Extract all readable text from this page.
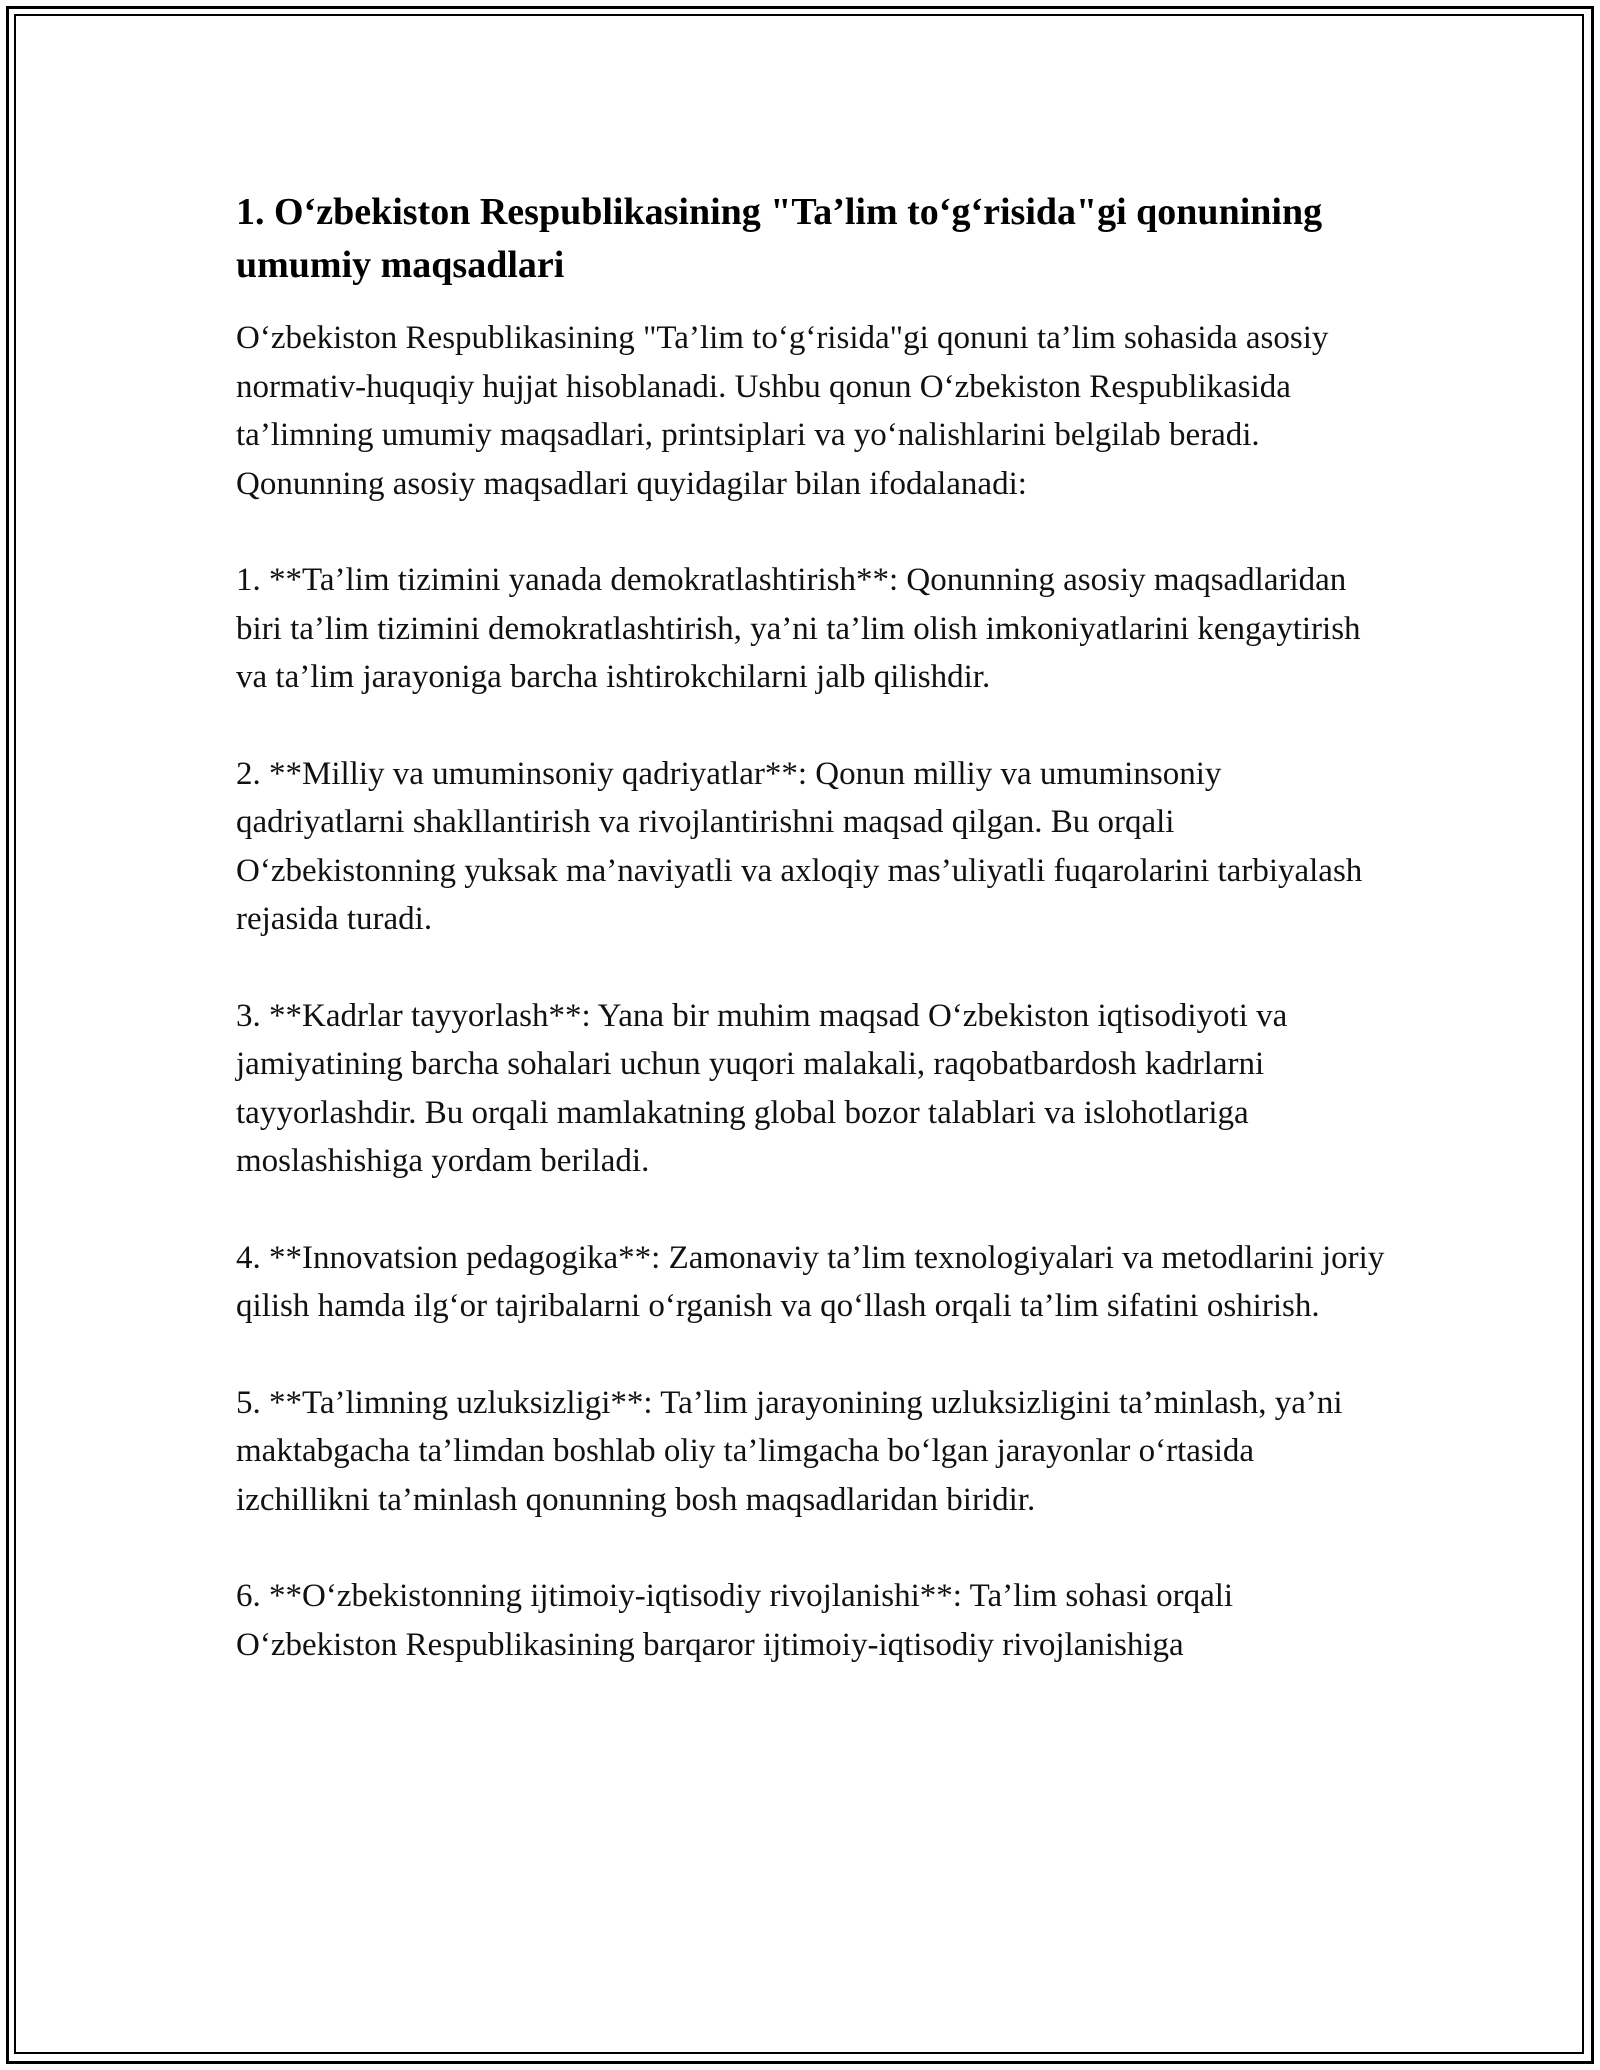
1. O‘zbekiston Respublikasining "Ta’lim to‘g‘risida"gi qonunining umumiy maqsadlari

O‘zbekiston Respublikasining "Ta’lim to‘g‘risida"gi qonuni ta’lim sohasida asosiy normativ-huquqiy hujjat hisoblanadi. Ushbu qonun O‘zbekiston Respublikasida ta’limning umumiy maqsadlari, printsiplari va yo‘nalishlarini belgilab beradi. Qonunning asosiy maqsadlari quyidagilar bilan ifodalanadi:

1. **Ta’lim tizimini yanada demokratlashtirish**: Qonunning asosiy maqsadlaridan biri ta’lim tizimini demokratlashtirish, ya’ni ta’lim olish imkoniyatlarini kengaytirish va ta’lim jarayoniga barcha ishtirokchilarni jalb qilishdir.

2. **Milliy va umuminsoniy qadriyatlar**: Qonun milliy va umuminsoniy qadriyatlarni shakllantirish va rivojlantirishni maqsad qilgan. Bu orqali O‘zbekistonning yuksak ma’naviyatli va axloqiy mas’uliyatli fuqarolarini tarbiyalash rejasida turadi.

3. **Kadrlar tayyorlash**: Yana bir muhim maqsad O‘zbekiston iqtisodiyoti va jamiyatining barcha sohalari uchun yuqori malakali, raqobatbardosh kadrlarni tayyorlashdir. Bu orqali mamlakatning global bozor talablari va islohotlariga moslashishiga yordam beriladi.

4. **Innovatsion pedagogika**: Zamonaviy ta’lim texnologiyalari va metodlarini joriy qilish hamda ilg‘or tajribalarni o‘rganish va qo‘llash orqali ta’lim sifatini oshirish.

5. **Ta’limning uzluksizligi**: Ta’lim jarayonining uzluksizligini ta’minlash, ya’ni maktabgacha ta’limdan boshlab oliy ta’limgacha bo‘lgan jarayonlar o‘rtasida izchillikni ta’minlash qonunning bosh maqsadlaridan biridir.

6. **O‘zbekistonning ijtimoiy-iqtisodiy rivojlanishi**: Ta’lim sohasi orqali O‘zbekiston Respublikasining barqaror ijtimoiy-iqtisodiy rivojlanishiga
